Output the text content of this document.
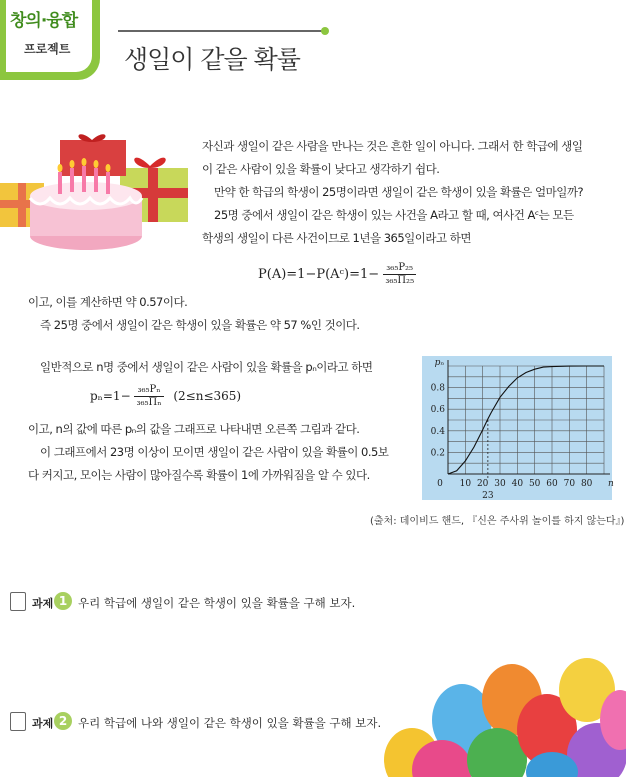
창의·융합
프로젝트 생일이 같을 확률
자신과 생일이 같은 사람을 만나는 것은 흔한 일이 아니다. 그래서 한 학급에 생일
이 같은 사람이 있을 확률이 낮다고 생각하기 쉽다.
만약 한 학급의 학생이 25명이라면 생일이 같은 학생이 있을 확률은 얼마일까?
25명 중에서 생일이 같은 학생이 있는 사건을 A라고 할 때, 여사건 Aᶜ는 모든
학생의 생일이 다른 사건이므로 1년을 365일이라고 하면
P(A)=1−P(Aᶜ)=1− $\frac{\text{₃₆₅P₂₅}}{\text{₃₆₅Π₂₅}}$
이고, 이를 계산하면 약 0.57이다.
즉 25명 중에서 생일이 같은 학생이 있을 확률은 약 57 %인 것이다.
일반적으로 n명 중에서 생일이 같은 사람이 있을 확률을 pₙ이라고 하면
$p_n=1- \frac{\text{₃₆₅Pₙ}}{\text{₃₆₅Πₙ}} (2\le n\le 365)$
이고, n의 값에 따른 pₙ의 값을 그래프로 나타내면 오른쪽 그림과 같다.
이 그래프에서 23명 이상이 모이면 생일이 같은 사람이 있을 확률이 0.5보
다 커지고, 모이는 사람이 많아질수록 확률이 1에 가까워짐을 알 수 있다.
0 10 20 30 40 50 60 70 80
0.2
0.4
0.6
0.8
pₙ
n
23
(출처: 데이비드 핸드, 『신은 주사위 놀이를 하지 않는다』)
과제 1 우리 학급에 생일이 같은 학생이 있을 확률을 구해 보자.
과제 2 우리 학급에 나와 생일이 같은 학생이 있을 확률을 구해 보자.
